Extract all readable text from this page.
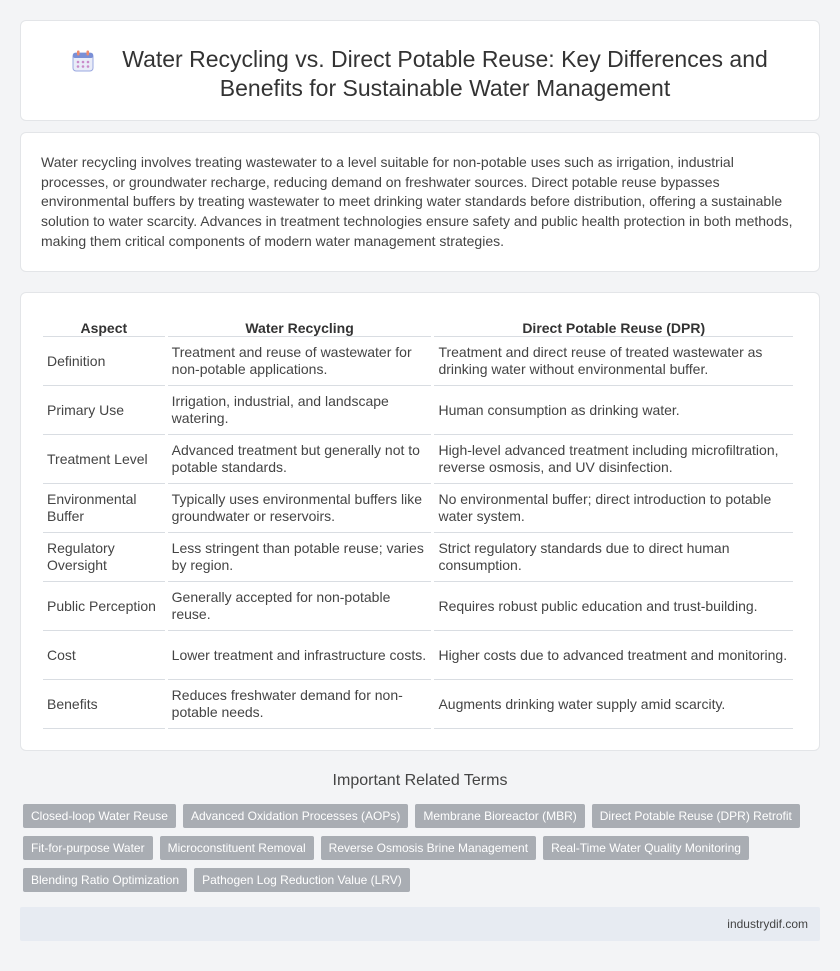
Water Recycling vs. Direct Potable Reuse: Key Differences and Benefits for Sustainable Water Management

Water recycling involves treating wastewater to a level suitable for non-potable uses such as irrigation, industrial processes, or groundwater recharge, reducing demand on freshwater sources. Direct potable reuse bypasses environmental buffers by treating wastewater to meet drinking water standards before distribution, offering a sustainable solution to water scarcity. Advances in treatment technologies ensure safety and public health protection in both methods, making them critical components of modern water management strategies.

Aspect	Water Recycling	Direct Potable Reuse (DPR)
Definition	Treatment and reuse of wastewater for non-potable applications.	Treatment and direct reuse of treated wastewater as drinking water without environmental buffer.
Primary Use	Irrigation, industrial, and landscape watering.	Human consumption as drinking water.
Treatment Level	Advanced treatment but generally not to potable standards.	High-level advanced treatment including microfiltration, reverse osmosis, and UV disinfection.
Environmental Buffer	Typically uses environmental buffers like groundwater or reservoirs.	No environmental buffer; direct introduction to potable water system.
Regulatory Oversight	Less stringent than potable reuse; varies by region.	Strict regulatory standards due to direct human consumption.
Public Perception	Generally accepted for non-potable reuse.	Requires robust public education and trust-building.
Cost	Lower treatment and infrastructure costs.	Higher costs due to advanced treatment and monitoring.
Benefits	Reduces freshwater demand for non-potable needs.	Augments drinking water supply amid scarcity.
Important Related Terms
Closed-loop Water Reuse	Advanced Oxidation Processes (AOPs)	Membrane Bioreactor (MBR)	Direct Potable Reuse (DPR) Retrofit
Fit-for-purpose Water	Microconstituent Removal	Reverse Osmosis Brine Management	Real-Time Water Quality Monitoring
Blending Ratio Optimization	Pathogen Log Reduction Value (LRV)
industrydif.com
